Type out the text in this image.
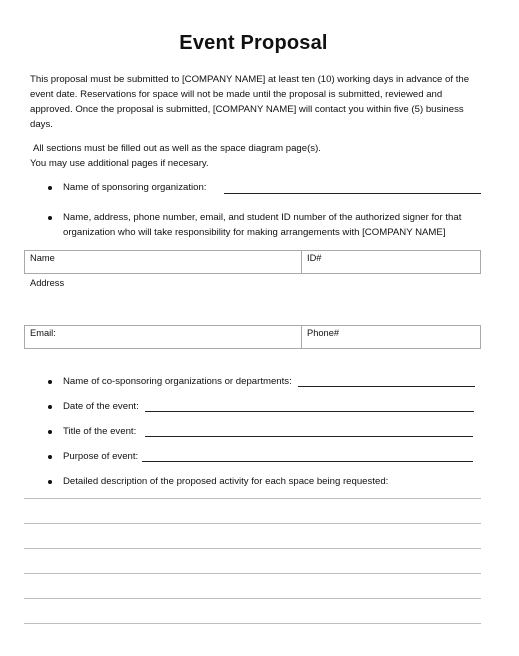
Event Proposal
This proposal must be submitted to [COMPANY NAME] at least ten (10) working days in advance of the
event date. Reservations for space will not be made until the proposal is submitted, reviewed and
approved. Once the proposal is submitted, [COMPANY NAME] will contact you within five (5) business
days.
All sections must be filled out as well as the space diagram page(s).
You may use additional pages if necesary.
Name of sponsoring organization:
Name, address, phone number, email, and student ID number of the authorized signer for that
organization who will take responsibility for making arrangements with [COMPANY NAME]
Name	ID#
Address
Email:	Phone#
Name of co-sponsoring organizations or departments:
Date of the event:
Title of the event:
Purpose of event:
Detailed description of the proposed activity for each space being requested:
